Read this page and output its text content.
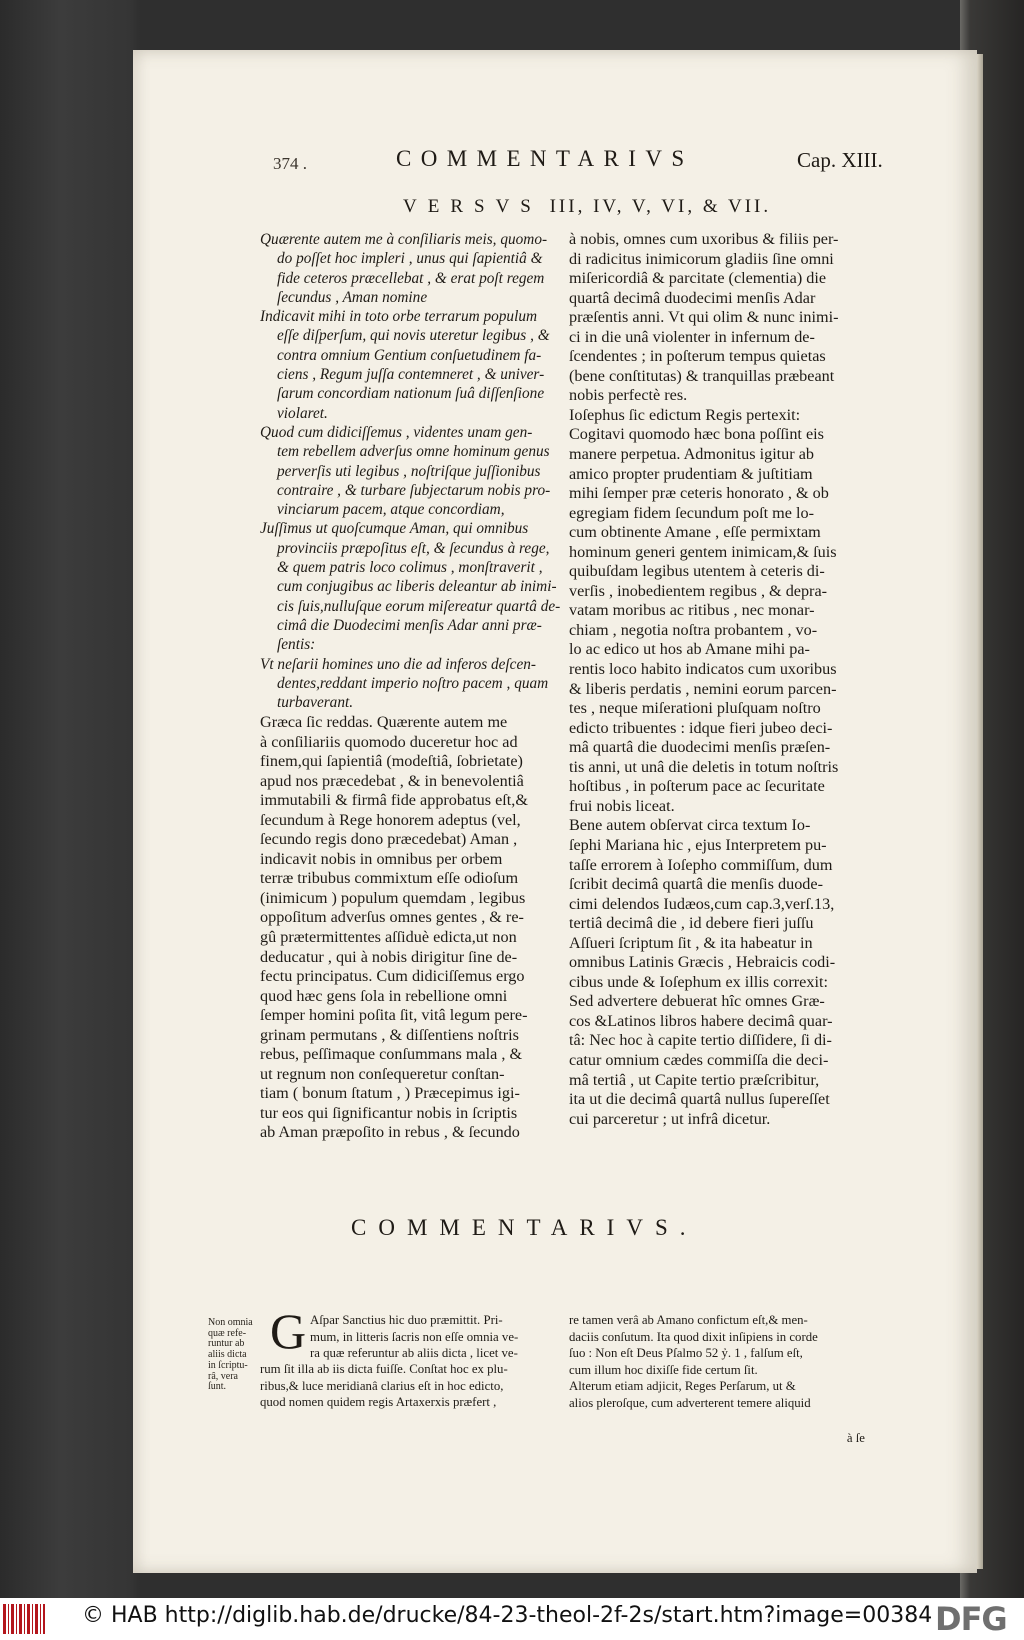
374 .	COMMENTARIVS	Cap. XIII.
VERSVS III, IV, V, VI, & VII.
Quærente autem me à conſiliaris meis, quomo-
do poſſet hoc impleri , unus qui ſapientiâ &
fide ceteros præcellebat , & erat poſt regem
ſecundus , Aman nomine
Indicavit mihi in toto orbe terrarum populum
eſſe diſperſum, qui novis uteretur legibus , &
contra omnium Gentium conſuetudinem fa-
ciens , Regum juſſa contemneret , & univer-
ſarum concordiam nationum ſuâ diſſenſione
violaret.
Quod cum didiciſſemus , videntes unam gen-
tem rebellem adverſus omne hominum genus
perverſis uti legibus , noſtriſque juſſionibus
contraire , & turbare ſubjectarum nobis pro-
vinciarum pacem, atque concordiam,
Juſſimus ut quoſcumque Aman, qui omnibus
provinciis præpoſitus eſt, & ſecundus à rege,
& quem patris loco colimus , monſtraverit ,
cum conjugibus ac liberis deleantur ab inimi-
cis ſuis,nulluſque eorum miſereatur quartâ de-
cimâ die Duodecimi menſis Adar anni præ-
ſentis:
Vt neſarii homines uno die ad inferos deſcen-
dentes,reddant imperio noſtro pacem , quam
turbaverant.
Græca ſic reddas. Quærente autem me
à conſiliariis quomodo duceretur hoc ad
finem,qui ſapientiâ (modeſtiâ, ſobrietate)
apud nos præcedebat , & in benevolentiâ
immutabili & firmâ fide approbatus eſt,&
ſecundum à Rege honorem adeptus (vel,
ſecundo regis dono præcedebat) Aman ,
indicavit nobis in omnibus per orbem
terræ tribubus commixtum eſſe odioſum
(inimicum ) populum quemdam , legibus
oppoſitum adverſus omnes gentes , & re-
gû prætermittentes aſſiduè edicta,ut non
deducatur , qui à nobis dirigitur ſine de-
fectu principatus. Cum didiciſſemus ergo
quod hæc gens ſola in rebellione omni
ſemper homini poſita ſit, vitâ legum pere-
grinam permutans , & diſſentiens noſtris
rebus, peſſimaque conſummans mala , &
ut regnum non conſequeretur conſtan-
tiam ( bonum ſtatum , ) Præcepimus igi-
tur eos qui ſignificantur nobis in ſcriptis
ab Aman præpoſito in rebus , & ſecundo
à nobis, omnes cum uxoribus & filiis per-
di radicitus inimicorum gladiis ſine omni
miſericordiâ & parcitate (clementia) die
quartâ decimâ duodecimi menſis Adar
præſentis anni. Vt qui olim & nunc inimi-
ci in die unâ violenter in infernum de-
ſcendentes ; in poſterum tempus quietas
(bene conſtitutas) & tranquillas præbeant
nobis perfectè res.
Ioſephus ſic edictum Regis pertexit:
Cogitavi quomodo hæc bona poſſint eis
manere perpetua. Admonitus igitur ab
amico propter prudentiam & juſtitiam
mihi ſemper præ ceteris honorato , & ob
egregiam fidem ſecundum poſt me lo-
cum obtinente Amane , eſſe permixtam
hominum generi gentem inimicam,& ſuis
quibuſdam legibus utentem à ceteris di-
verſis , inobedientem regibus , & depra-
vatam moribus ac ritibus , nec monar-
chiam , negotia noſtra probantem , vo-
lo ac edico ut hos ab Amane mihi pa-
rentis loco habito indicatos cum uxoribus
& liberis perdatis , nemini eorum parcen-
tes , neque miſerationi pluſquam noſtro
edicto tribuentes : idque fieri jubeo deci-
mâ quartâ die duodecimi menſis præſen-
tis anni, ut unâ die deletis in totum noſtris
hoſtibus , in poſterum pace ac ſecuritate
frui nobis liceat.
Bene autem obſervat circa textum Io-
ſephi Mariana hic , ejus Interpretem pu-
taſſe errorem à Ioſepho commiſſum, dum
ſcribit decimâ quartâ die menſis duode-
cimi delendos Iudæos,cum cap.3,verſ.13,
tertiâ decimâ die , id debere fieri juſſu
Aſſueri ſcriptum ſit , & ita habeatur in
omnibus Latinis Græcis , Hebraicis codi-
cibus unde & Ioſephum ex illis correxit:
Sed advertere debuerat hîc omnes Græ-
cos &Latinos libros habere decimâ quar-
tâ: Nec hoc à capite tertio diſſidere, ſi di-
catur omnium cædes commiſſa die deci-
mâ tertiâ , ut Capite tertio præſcribitur,
ita ut die decimâ quartâ nullus ſupereſſet
cui parceretur ; ut infrâ dicetur.
COMMENTARIVS.
Non omnia
quæ refe-
runtur ab
aliis dicta
in ſcriptu-
râ, vera
ſunt.
G Aſpar Sanctius hic duo præmittit. Pri-
mum, in litteris ſacris non eſſe omnia ve-
ra quæ referuntur ab aliis dicta , licet ve-
rum ſit illa ab iis dicta fuiſſe. Conſtat hoc ex plu-
ribus,& luce meridianâ clarius eſt in hoc edicto,
quod nomen quidem regis Artaxerxis præfert ,
re tamen verâ ab Amano confictum eſt,& men-
daciis conſutum. Ita quod dixit inſipiens in corde
ſuo : Non eſt Deus Pſalmo 52 ỷ. 1 , falſum eſt,
cum illum hoc dixiſſe fide certum ſit.
Alterum etiam adjicit, Reges Perſarum, ut &
alios pleroſque, cum adverterent temere aliquid
à ſe
© HAB http://diglib.hab.de/drucke/84-23-theol-2f-2s/start.htm?image=00384 DFG
